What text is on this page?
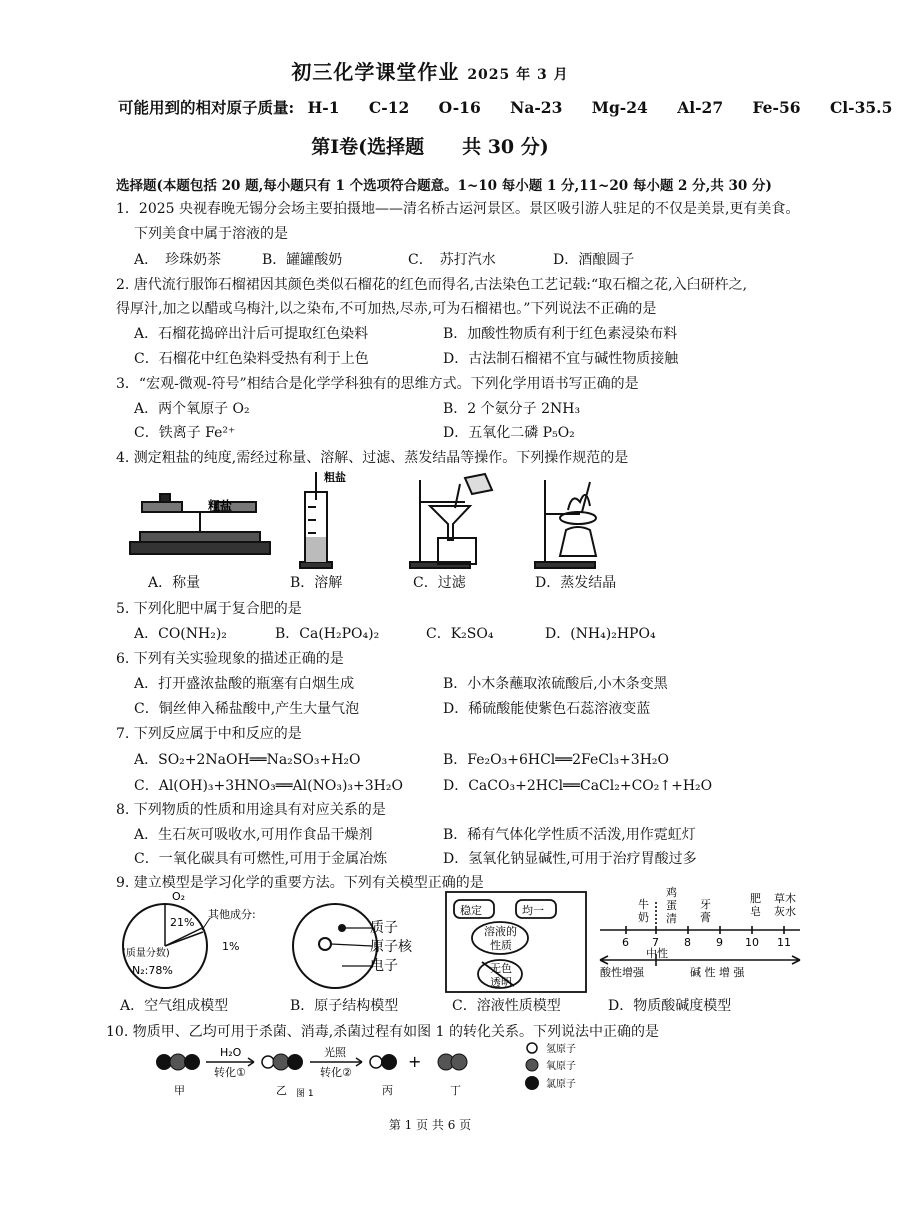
初三化学课堂作业 2025 年 3 月
可能用到的相对原子质量: H-1 C-12 O-16 Na-23 Mg-24 Al-27 Fe-56 Cl-35.5
第Ⅰ卷(选择题　　共 30 分)
选择题(本题包括 20 题,每小题只有 1 个选项符合题意。1~10 每小题 1 分,11~20 每小题 2 分,共 30 分)
1．2025 央视春晚无锡分会场主要拍摄地——清名桥古运河景区。景区吸引游人驻足的不仅是美景,更有美食。
下列美食中属于溶液的是
A．　珍珠奶茶	B．罐罐酸奶	C．　苏打汽水	D．酒酿圆子
2. 唐代流行服饰石榴裙因其颜色类似石榴花的红色而得名,古法染色工艺记载:“取石榴之花,入臼研杵之,
得厚汁,加之以醋或乌梅汁,以之染布,不可加热,尽赤,可为石榴裙也。”下列说法不正确的是
A．石榴花捣碎出汁后可提取红色染料	B．加酸性物质有利于红色素浸染布料
C．石榴花中红色染料受热有利于上色	D．古法制石榴裙不宜与碱性物质接触
3．“宏观-微观-符号”相结合是化学学科独有的思维方式。下列化学用语书写正确的是
A．两个氧原子 O₂	B．2 个氨分子 2NH₃
C．铁离子 Fe²⁺	D．五氧化二磷 P₅O₂
4. 测定粗盐的纯度,需经过称量、溶解、过滤、蒸发结晶等操作。下列操作规范的是
粗盐
粗盐
A．称量	B．溶解	C．过滤	D．蒸发结晶
5. 下列化肥中属于复合肥的是
A．CO(NH₂)₂	B．Ca(H₂PO₄)₂	C．K₂SO₄	D．(NH₄)₂HPO₄
6. 下列有关实验现象的描述正确的是
A．打开盛浓盐酸的瓶塞有白烟生成	B．小木条蘸取浓硫酸后,小木条变黑
C．铜丝伸入稀盐酸中,产生大量气泡	D．稀硫酸能使紫色石蕊溶液变蓝
7. 下列反应属于中和反应的是
A．SO₂+2NaOH══Na₂SO₃+H₂O	B．Fe₂O₃+6HCl══2FeCl₃+3H₂O
C．Al(OH)₃+3HNO₃══Al(NO₃)₃+3H₂O	D．CaCO₃+2HCl══CaCl₂+CO₂↑+H₂O
8. 下列物质的性质和用途具有对应关系的是
A．生石灰可吸收水,可用作食品干燥剂	B．稀有气体化学性质不活泼,用作霓虹灯
C．一氧化碳具有可燃性,可用于金属冶炼	D．氢氧化钠显碱性,可用于治疗胃酸过多
9. 建立模型是学习化学的重要方法。下列有关模型正确的是
O₂
21%
其他成分:
1%
(质量分数)
N₂:78%
质子
原子核
电子
稳定	均一
溶液的
性质
无色
透明
牛
奶
鸡
蛋
清
牙
膏
肥
皂
草木
灰水
6 7 8 9 10 11
中性
酸性增强	碱 性 增 强
A．空气组成模型	B．原子结构模型	C．溶液性质模型	D．物质酸碱度模型
10. 物质甲、乙均可用于杀菌、消毒,杀菌过程有如图 1 的转化关系。下列说法中正确的是
H₂O
转化①
光照
转化②
+
甲	乙 图 1	丙	丁
氢原子
氧原子
氯原子
第 1 页 共 6 页
